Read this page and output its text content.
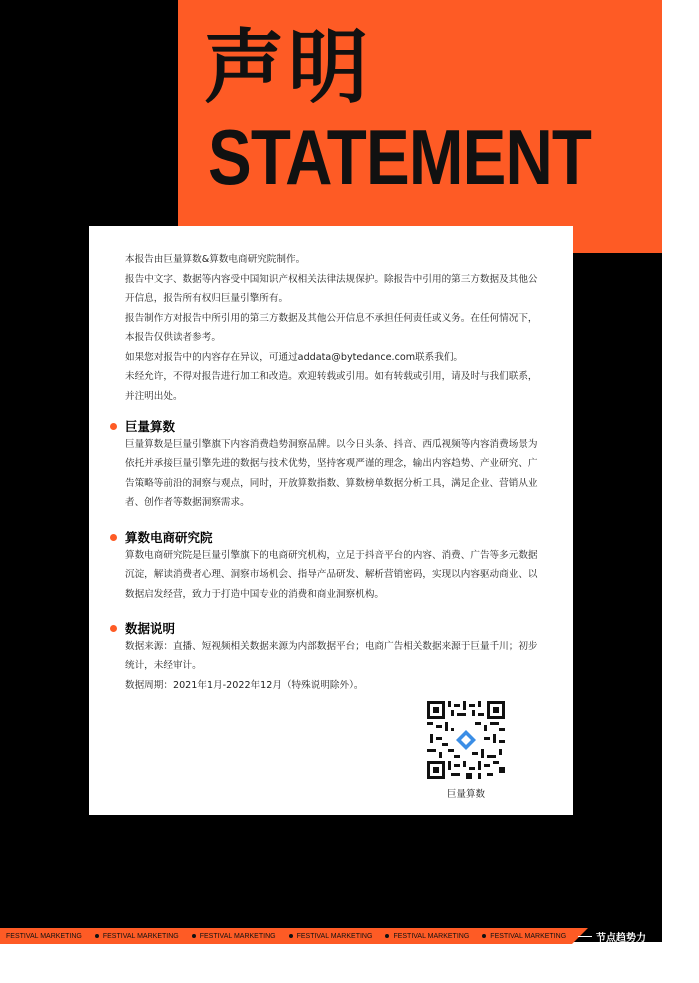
声明
STATEMENT

本报告由巨量算数&算数电商研究院制作。

报告中文字、数据等内容受中国知识产权相关法律法规保护。除报告中引用的第三方数据及其他公开信息，报告所有权归巨量引擎所有。

报告制作方对报告中所引用的第三方数据及其他公开信息不承担任何责任或义务。在任何情况下，本报告仅供读者参考。

如果您对报告中的内容存在异议，可通过addata@bytedance.com联系我们。

未经允许，不得对报告进行加工和改造。欢迎转载或引用。如有转载或引用，请及时与我们联系，并注明出处。

巨量算数
巨量算数是巨量引擎旗下内容消费趋势洞察品牌。以今日头条、抖音、西瓜视频等内容消费场景为依托并承接巨量引擎先进的数据与技术优势，坚持客观严谨的理念，输出内容趋势、产业研究、广告策略等前沿的洞察与观点，同时，开放算数指数、算数榜单数据分析工具，满足企业、营销从业者、创作者等数据洞察需求。
算数电商研究院
算数电商研究院是巨量引擎旗下的电商研究机构，立足于抖音平台的内容、消费、广告等多元数据沉淀，解读消费者心理、洞察市场机会、指导产品研发、解析营销密码，实现以内容驱动商业、以数据启发经营，致力于打造中国专业的消费和商业洞察机构。
数据说明

数据来源：直播、短视频相关数据来源为内部数据平台；电商广告相关数据来源于巨量千川；初步统计，未经审计。

数据周期：2021年1月-2022年12月（特殊说明除外）。

巨量算数
FESTIVAL MARKETING	FESTIVAL MARKETING	FESTIVAL MARKETING	FESTIVAL MARKETING	FESTIVAL MARKETING	FESTIVAL MARKETING	节点趋势力
